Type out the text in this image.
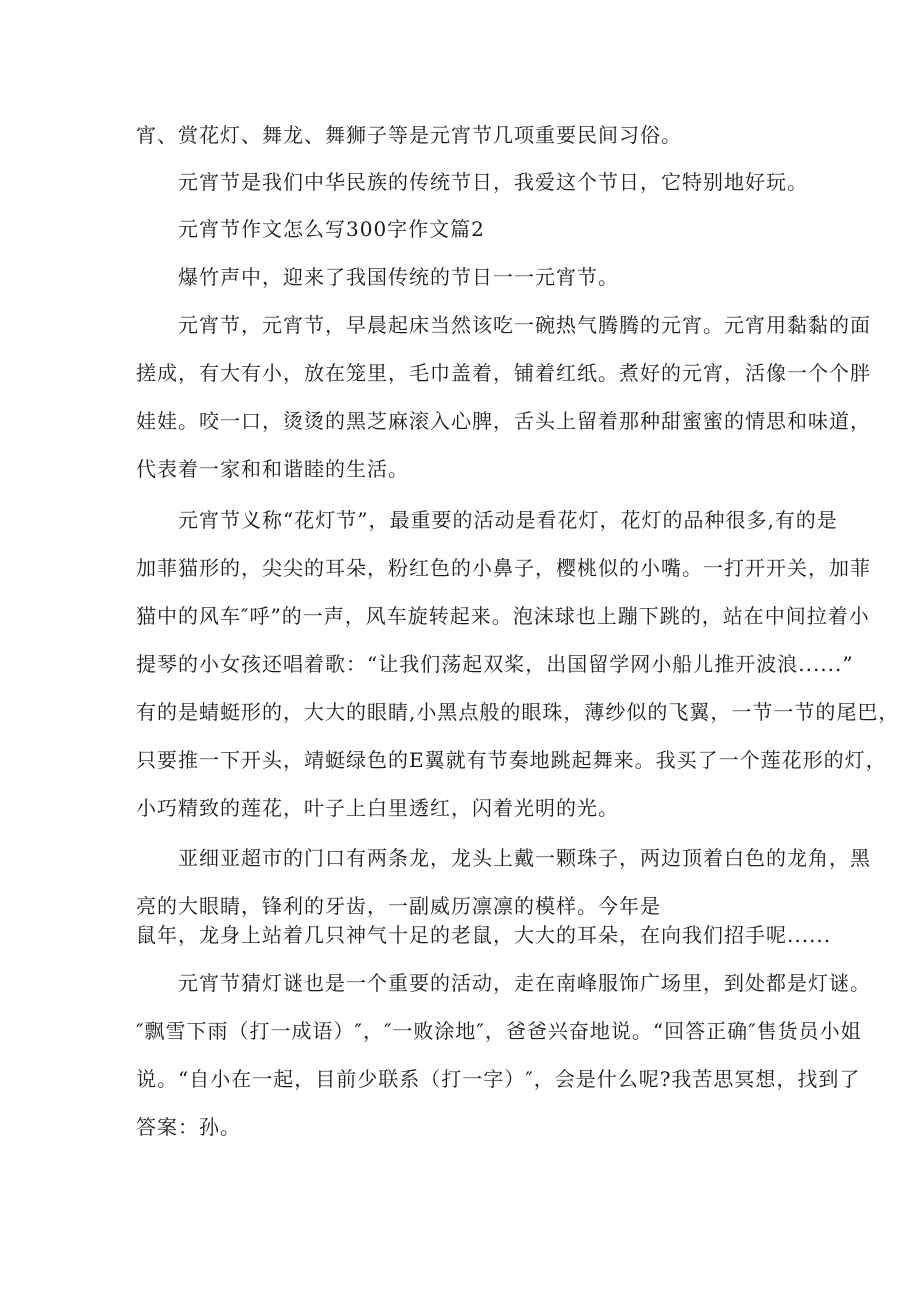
宵、赏花灯、舞龙、舞狮子等是元宵节几项重要民间习俗。
元宵节是我们中华民族的传统节日，我爱这个节日，它特别地好玩。
元宵节作文怎么写300字作文篇2
爆竹声中，迎来了我国传统的节日一一元宵节。
元宵节，元宵节，早晨起床当然该吃一碗热气腾腾的元宵。元宵用黏黏的面
搓成，有大有小，放在笼里，毛巾盖着，铺着红纸。煮好的元宵，活像一个个胖
娃娃。咬一口，烫烫的黑芝麻滚入心脾，舌头上留着那种甜蜜蜜的情思和味道，
代表着一家和和谐睦的生活。
元宵节义称“花灯节”，最重要的活动是看花灯，花灯的品种很多,有的是
加菲猫形的，尖尖的耳朵，粉红色的小鼻子，樱桃似的小嘴。一打开开关，加菲
猫中的风车″呼”的一声，风车旋转起来。泡沫球也上蹦下跳的，站在中间拉着小
提琴的小女孩还唱着歌：“让我们荡起双桨，出国留学网小船儿推开波浪......”
有的是蜻蜓形的，大大的眼睛,小黑点般的眼珠，薄纱似的飞翼，一节一节的尾巴，
只要推一下开头，靖蜓绿色的E翼就有节奏地跳起舞来。我买了一个莲花形的灯，
小巧精致的莲花，叶子上白里透红，闪着光明的光。
亚细亚超市的门口有两条龙，龙头上戴一颗珠子，两边顶着白色的龙角，黑
亮的大眼睛，锋利的牙齿，一副威历凛凛的模样。今年是
鼠年，龙身上站着几只神气十足的老鼠，大大的耳朵，在向我们招手呢......
元宵节猜灯谜也是一个重要的活动，走在南峰服饰广场里，到处都是灯谜。
″飘雪下雨（打一成语）″，″一败涂地″，爸爸兴奋地说。“回答正确″售货员小姐
说。“自小在一起，目前少联系（打一字）″，会是什么呢?我苦思冥想，找到了
答案：孙。
